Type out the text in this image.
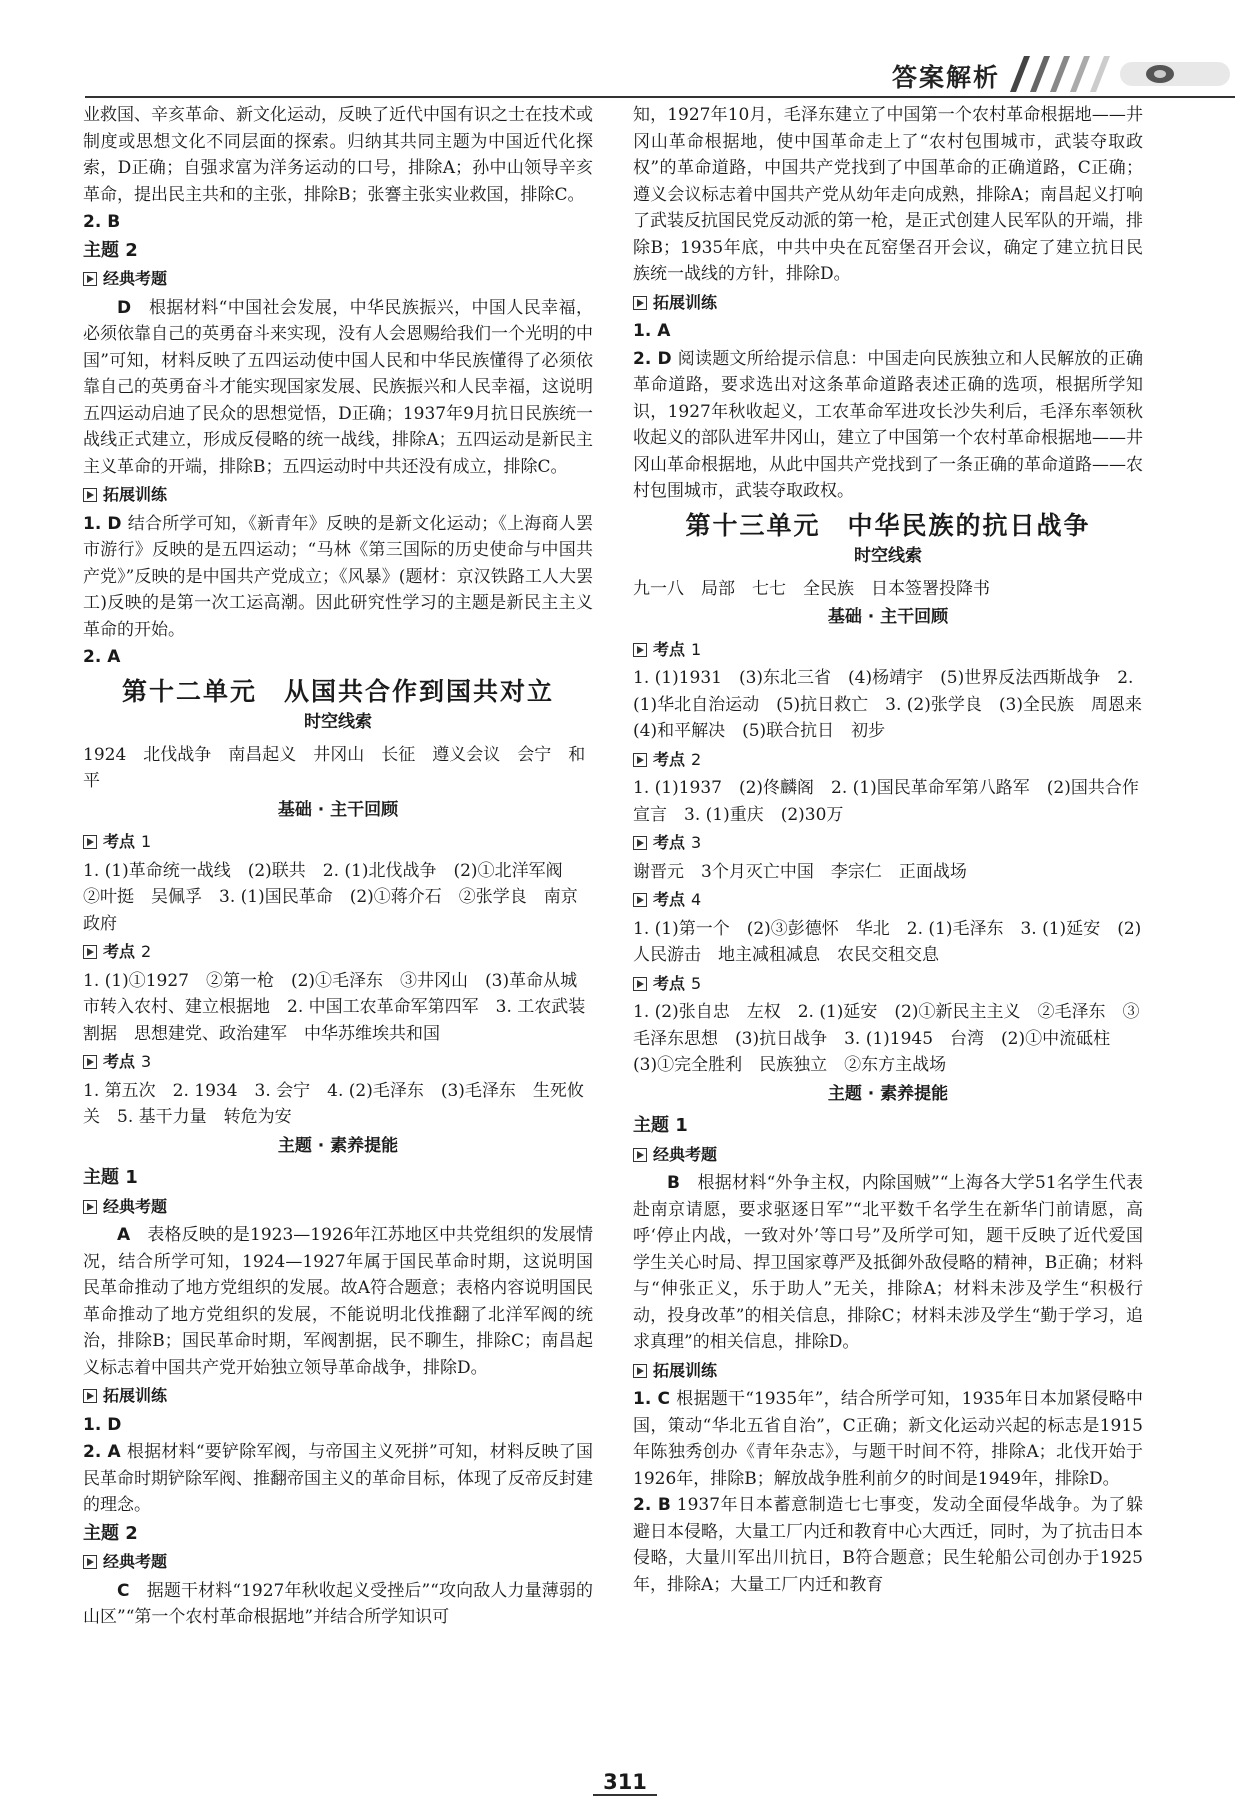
答案解析

业救国、辛亥革命、新文化运动，反映了近代中国有识之士在技术或制度或思想文化不同层面的探索。归纳其共同主题为中国近代化探索，D正确；自强求富为洋务运动的口号，排除A；孙中山领导辛亥革命，提出民主共和的主张，排除B；张謇主张实业救国，排除C。

2. B
主题 2
经典考题

D　 根据材料“中国社会发展，中华民族振兴，中国人民幸福，必须依靠自己的英勇奋斗来实现，没有人会恩赐给我们一个光明的中国”可知，材料反映了五四运动使中国人民和中华民族懂得了必须依靠自己的英勇奋斗才能实现国家发展、民族振兴和人民幸福，这说明五四运动启迪了民众的思想觉悟，D正确；1937年9月抗日民族统一战线正式建立，形成反侵略的统一战线，排除A；五四运动是新民主主义革命的开端，排除B；五四运动时中共还没有成立，排除C。

拓展训练

1. D 结合所学可知，《新青年》反映的是新文化运动；《上海商人罢市游行》反映的是五四运动；“马林《第三国际的历史使命与中国共产党》”反映的是中国共产党成立；《风暴》(题材：京汉铁路工人大罢工)反映的是第一次工运高潮。因此研究性学习的主题是新民主主义革命的开始。

2. A
第十二单元　从国共合作到国共对立
时空线索

1924　北伐战争　南昌起义　井冈山　长征　遵义会议　会宁　和平

基础 · 主干回顾
考点 1

1. (1)革命统一战线　(2)联共　2. (1)北伐战争　(2)①北洋军阀　②叶挺　吴佩孚　3. (1)国民革命　(2)①蒋介石　②张学良　南京政府

考点 2

1. (1)①1927　②第一枪　(2)①毛泽东　③井冈山　(3)革命从城市转入农村、建立根据地　2. 中国工农革命军第四军　3. 工农武装割据　思想建党、政治建军　中华苏维埃共和国

考点 3

1. 第五次　2. 1934　3. 会宁　4. (2)毛泽东　(3)毛泽东　生死攸关　5. 基干力量　转危为安

主题 · 素养提能
主题 1
经典考题

A　 表格反映的是1923—1926年江苏地区中共党组织的发展情况，结合所学可知，1924—1927年属于国民革命时期，这说明国民革命推动了地方党组织的发展。故A符合题意；表格内容说明国民革命推动了地方党组织的发展，不能说明北伐推翻了北洋军阀的统治，排除B；国民革命时期，军阀割据，民不聊生，排除C；南昌起义标志着中国共产党开始独立领导革命战争，排除D。

拓展训练
1. D

2. A 根据材料“要铲除军阀，与帝国主义死拼”可知，材料反映了国民革命时期铲除军阀、推翻帝国主义的革命目标，体现了反帝反封建的理念。

主题 2
经典考题

C　 据题干材料“1927年秋收起义受挫后”“攻向敌人力量薄弱的山区”“第一个农村革命根据地”并结合所学知识可

知，1927年10月，毛泽东建立了中国第一个农村革命根据地——井冈山革命根据地，使中国革命走上了“农村包围城市，武装夺取政权”的革命道路，中国共产党找到了中国革命的正确道路，C正确；遵义会议标志着中国共产党从幼年走向成熟，排除A；南昌起义打响了武装反抗国民党反动派的第一枪，是正式创建人民军队的开端，排除B；1935年底，中共中央在瓦窑堡召开会议，确定了建立抗日民族统一战线的方针，排除D。

拓展训练
1. A

2. D 阅读题文所给提示信息：中国走向民族独立和人民解放的正确革命道路，要求选出对这条革命道路表述正确的选项，根据所学知识，1927年秋收起义，工农革命军进攻长沙失利后，毛泽东率领秋收起义的部队进军井冈山，建立了中国第一个农村革命根据地——井冈山革命根据地，从此中国共产党找到了一条正确的革命道路——农村包围城市，武装夺取政权。

第十三单元　中华民族的抗日战争
时空线索

九一八　局部　七七　全民族　日本签署投降书

基础 · 主干回顾
考点 1

1. (1)1931　(3)东北三省　(4)杨靖宇　(5)世界反法西斯战争　2. (1)华北自治运动　(5)抗日救亡　3. (2)张学良　(3)全民族　周恩来　(4)和平解决　(5)联合抗日　初步

考点 2

1. (1)1937　(2)佟麟阁　2. (1)国民革命军第八路军　(2)国共合作宣言　3. (1)重庆　(2)30万

考点 3

谢晋元　3个月灭亡中国　李宗仁　正面战场

考点 4

1. (1)第一个　(2)③彭德怀　华北　2. (1)毛泽东　3. (1)延安　(2)人民游击　地主减租减息　农民交租交息

考点 5

1. (2)张自忠　左权　2. (1)延安　(2)①新民主主义　②毛泽东　③毛泽东思想　(3)抗日战争　3. (1)1945　台湾　(2)①中流砥柱　(3)①完全胜利　民族独立　②东方主战场

主题 · 素养提能
主题 1
经典考题

B　 根据材料“外争主权，内除国贼”“上海各大学51名学生代表赴南京请愿，要求驱逐日军”“北平数千名学生在新华门前请愿，高呼‘停止内战，一致对外’等口号”及所学可知，题干反映了近代爱国学生关心时局、捍卫国家尊严及抵御外敌侵略的精神，B正确；材料与“伸张正义，乐于助人”无关，排除A；材料未涉及学生“积极行动，投身改革”的相关信息，排除C；材料未涉及学生“勤于学习，追求真理”的相关信息，排除D。

拓展训练

1. C 根据题干“1935年”，结合所学可知，1935年日本加紧侵略中国，策动“华北五省自治”，C正确；新文化运动兴起的标志是1915年陈独秀创办《青年杂志》，与题干时间不符，排除A；北伐开始于1926年，排除B；解放战争胜利前夕的时间是1949年，排除D。

2. B 1937年日本蓄意制造七七事变，发动全面侵华战争。为了躲避日本侵略，大量工厂内迁和教育中心大西迁，同时，为了抗击日本侵略，大量川军出川抗日，B符合题意；民生轮船公司创办于1925年，排除A；大量工厂内迁和教育

311
